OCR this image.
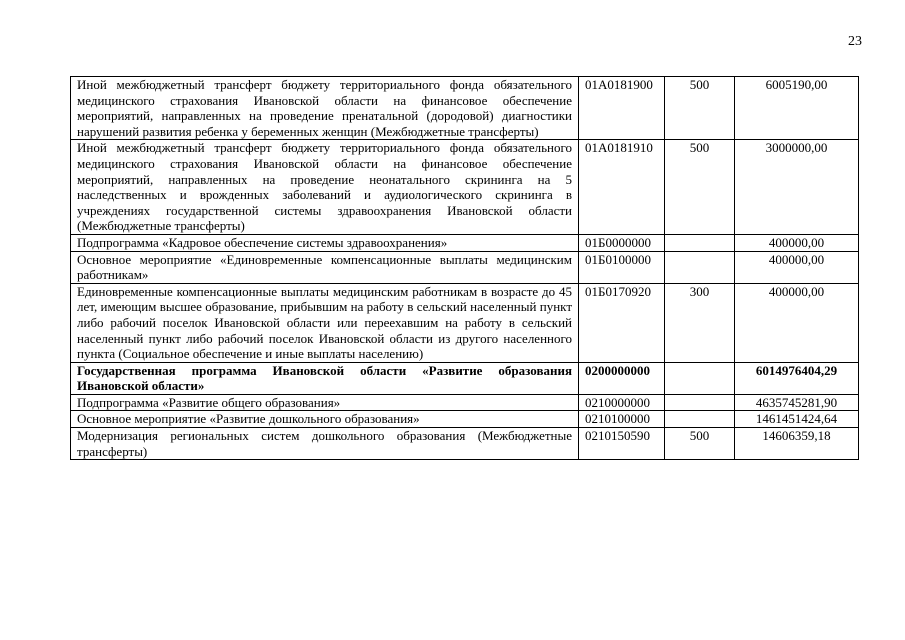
23
Иной межбюджетный трансферт бюджету территориального фонда обязательного медицинского страхования Ивановской области на финансовое обеспечение мероприятий, направленных на проведение пренатальной (дородовой) диагностики нарушений развития ребенка у беременных женщин (Межбюджетные трансферты)	01А0181900	500	6005190,00
Иной межбюджетный трансферт бюджету территориального фонда обязательного медицинского страхования Ивановской области на финансовое обеспечение мероприятий, направленных на проведение неонатального скрининга на 5 наследственных и врожденных заболеваний и аудиологического скрининга в учреждениях государственной системы здравоохранения Ивановской области (Межбюджетные трансферты)	01А0181910	500	3000000,00
Подпрограмма «Кадровое обеспечение системы здравоохранения»	01Б0000000		400000,00
Основное мероприятие «Единовременные компенсационные выплаты медицинским работникам»	01Б0100000		400000,00
Единовременные компенсационные выплаты медицинским работникам в возрасте до 45 лет, имеющим высшее образование, прибывшим на работу в сельский населенный пункт либо рабочий поселок Ивановской области или переехавшим на работу в сельский населенный пункт либо рабочий поселок Ивановской области из другого населенного пункта (Социальное обеспечение и иные выплаты населению)	01Б0170920	300	400000,00
Государственная программа Ивановской области «Развитие образования Ивановской области»	0200000000		6014976404,29
Подпрограмма «Развитие общего образования»	0210000000		4635745281,90
Основное мероприятие «Развитие дошкольного образования»	0210100000		1461451424,64
Модернизация региональных систем дошкольного образования (Межбюджетные трансферты)	0210150590	500	14606359,18
